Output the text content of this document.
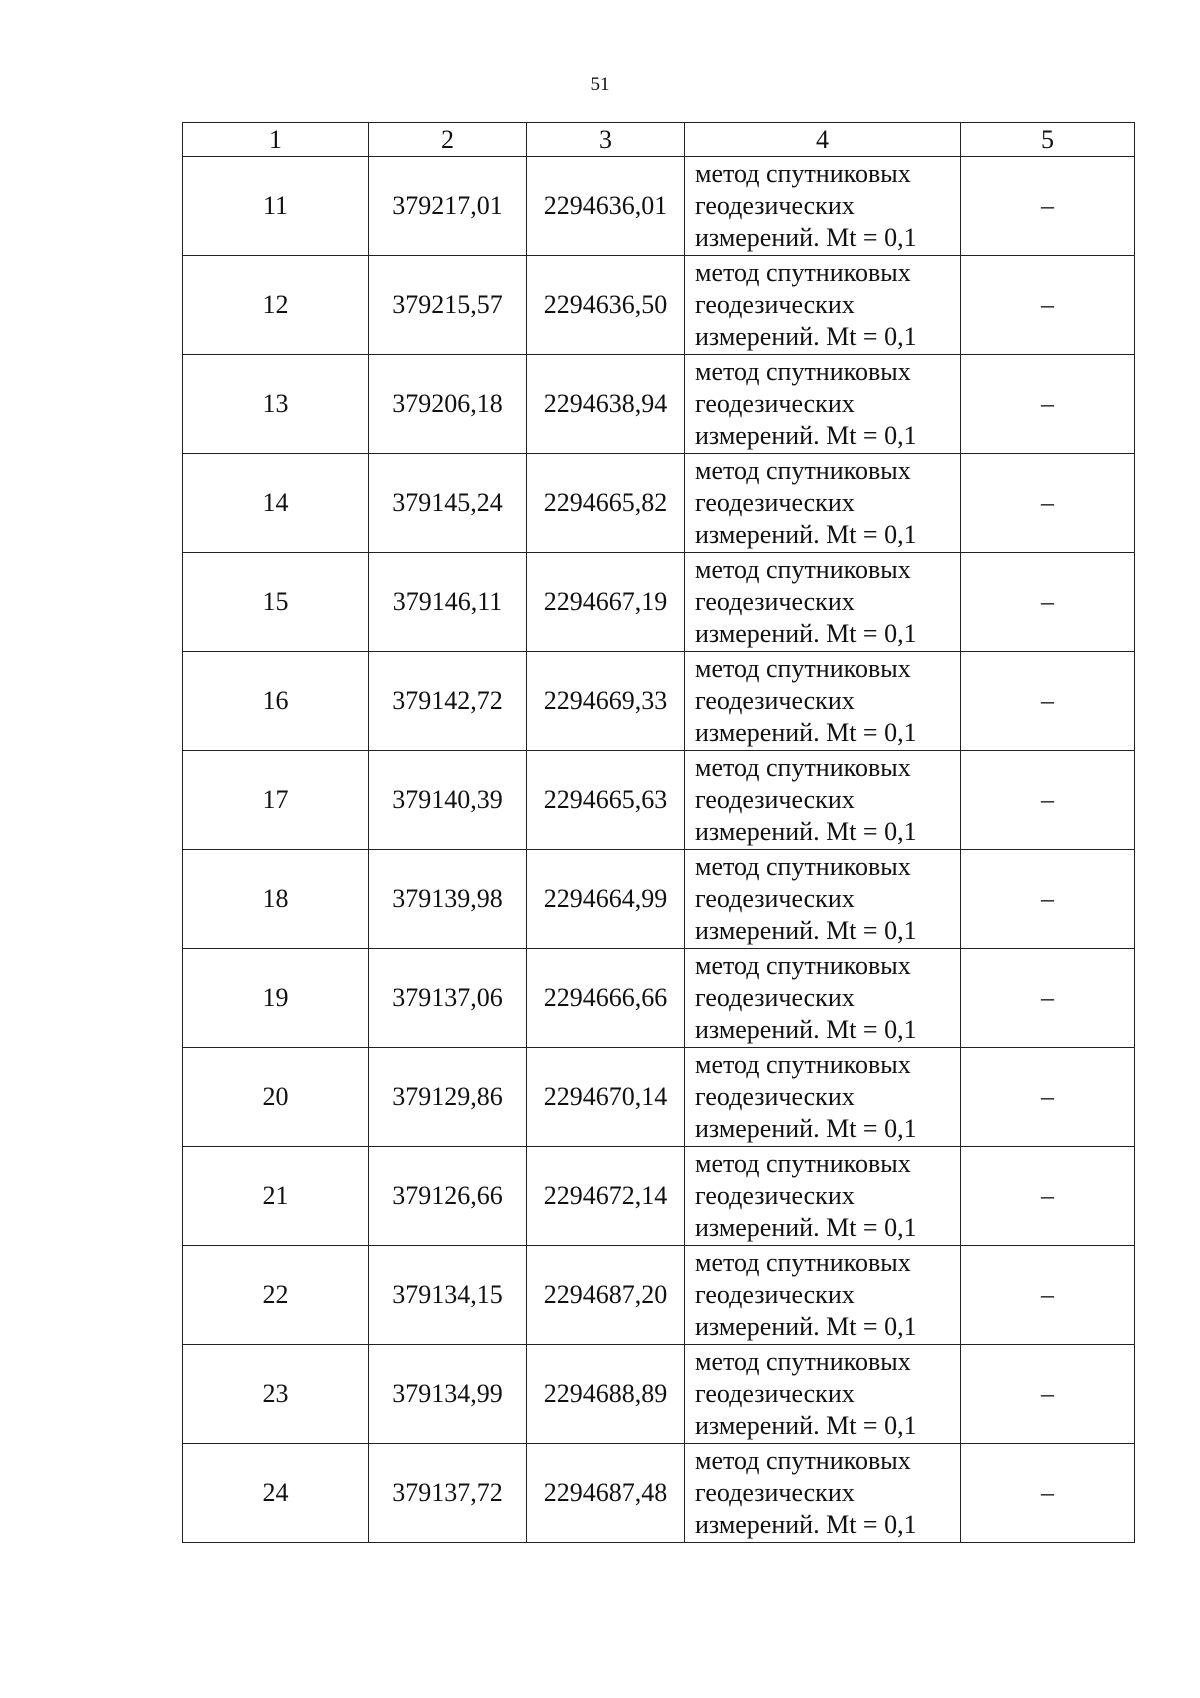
51
1	2	3	4	5
11	379217,01	2294636,01	метод спутниковых
геодезических
измерений. Mt = 0,1	–
12	379215,57	2294636,50	метод спутниковых
геодезических
измерений. Mt = 0,1	–
13	379206,18	2294638,94	метод спутниковых
геодезических
измерений. Mt = 0,1	–
14	379145,24	2294665,82	метод спутниковых
геодезических
измерений. Mt = 0,1	–
15	379146,11	2294667,19	метод спутниковых
геодезических
измерений. Mt = 0,1	–
16	379142,72	2294669,33	метод спутниковых
геодезических
измерений. Mt = 0,1	–
17	379140,39	2294665,63	метод спутниковых
геодезических
измерений. Mt = 0,1	–
18	379139,98	2294664,99	метод спутниковых
геодезических
измерений. Mt = 0,1	–
19	379137,06	2294666,66	метод спутниковых
геодезических
измерений. Mt = 0,1	–
20	379129,86	2294670,14	метод спутниковых
геодезических
измерений. Mt = 0,1	–
21	379126,66	2294672,14	метод спутниковых
геодезических
измерений. Mt = 0,1	–
22	379134,15	2294687,20	метод спутниковых
геодезических
измерений. Mt = 0,1	–
23	379134,99	2294688,89	метод спутниковых
геодезических
измерений. Mt = 0,1	–
24	379137,72	2294687,48	метод спутниковых
геодезических
измерений. Mt = 0,1	–
